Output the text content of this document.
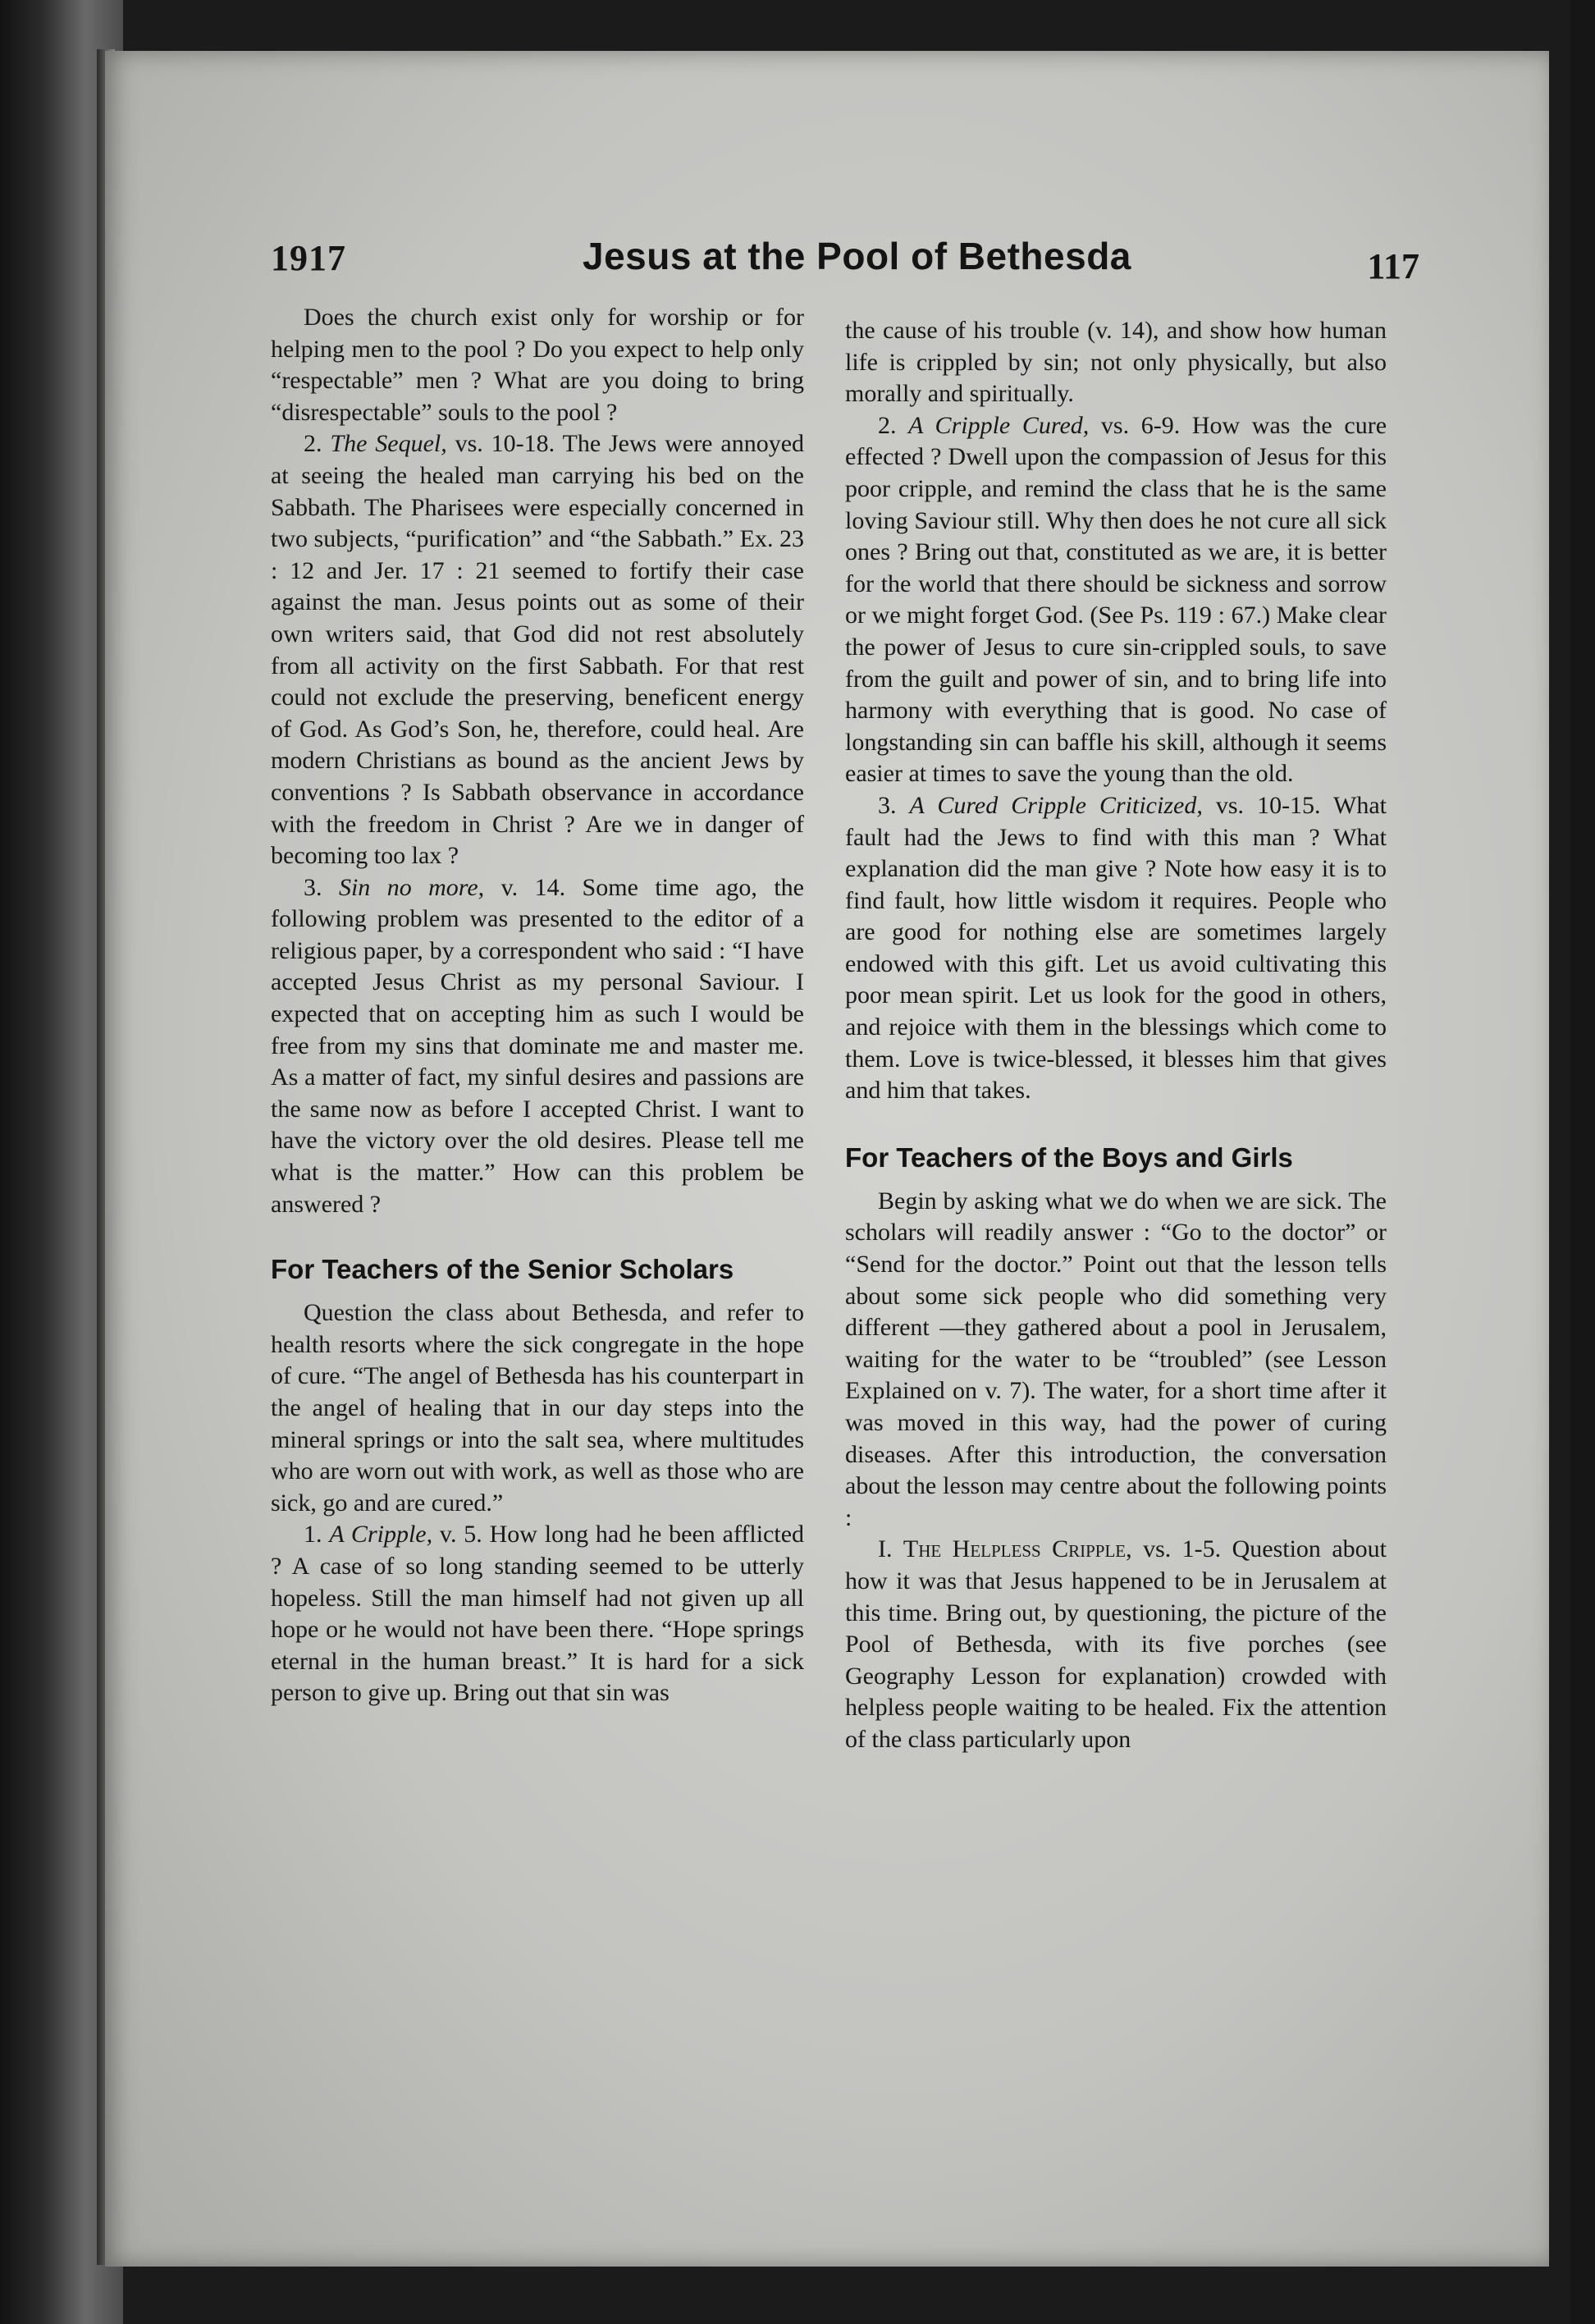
1917	Jesus at the Pool of Bethesda	117

Does the church exist only for worship or for helping men to the pool ? Do you expect to help only “respectable” men ? What are you doing to bring “disrespectable” souls to the pool ?

2. The Sequel, vs. 10-18. The Jews were annoyed at seeing the healed man carrying his bed on the Sabbath. The Pharisees were especially concerned in two subjects, “purification” and “the Sabbath.” Ex. 23 : 12 and Jer. 17 : 21 seemed to fortify their case against the man. Jesus points out as some of their own writers said, that God did not rest absolutely from all activity on the first Sabbath. For that rest could not exclude the preserving, beneficent energy of God. As God’s Son, he, therefore, could heal. Are modern Christians as bound as the ancient Jews by conventions ? Is Sabbath observance in accordance with the freedom in Christ ? Are we in danger of becoming too lax ?

3. Sin no more, v. 14. Some time ago, the following problem was presented to the editor of a religious paper, by a correspondent who said : “I have accepted Jesus Christ as my personal Saviour. I expected that on accepting him as such I would be free from my sins that dominate me and master me. As a matter of fact, my sinful desires and passions are the same now as before I accepted Christ. I want to have the victory over the old desires. Please tell me what is the matter.” How can this problem be answered ?

For Teachers of the Senior Scholars

Question the class about Bethesda, and refer to health resorts where the sick congregate in the hope of cure. “The angel of Bethesda has his counterpart in the angel of healing that in our day steps into the mineral springs or into the salt sea, where multitudes who are worn out with work, as well as those who are sick, go and are cured.”

1. A Cripple, v. 5. How long had he been afflicted ? A case of so long standing seemed to be utterly hopeless. Still the man himself had not given up all hope or he would not have been there. “Hope springs eternal in the human breast.” It is hard for a sick person to give up. Bring out that sin was

the cause of his trouble (v. 14), and show how human life is crippled by sin; not only physically, but also morally and spiritually.

2. A Cripple Cured, vs. 6-9. How was the cure effected ? Dwell upon the compassion of Jesus for this poor cripple, and remind the class that he is the same loving Saviour still. Why then does he not cure all sick ones ? Bring out that, constituted as we are, it is better for the world that there should be sickness and sorrow or we might forget God. (See Ps. 119 : 67.) Make clear the power of Jesus to cure sin-crippled souls, to save from the guilt and power of sin, and to bring life into harmony with everything that is good. No case of longstanding sin can baffle his skill, although it seems easier at times to save the young than the old.

3. A Cured Cripple Criticized, vs. 10-15. What fault had the Jews to find with this man ? What explanation did the man give ? Note how easy it is to find fault, how little wisdom it requires. People who are good for nothing else are sometimes largely endowed with this gift. Let us avoid cultivating this poor mean spirit. Let us look for the good in others, and rejoice with them in the blessings which come to them. Love is twice-blessed, it blesses him that gives and him that takes.

For Teachers of the Boys and Girls

Begin by asking what we do when we are sick. The scholars will readily answer : “Go to the doctor” or “Send for the doctor.” Point out that the lesson tells about some sick people who did something very different —they gathered about a pool in Jerusalem, waiting for the water to be “troubled” (see Lesson Explained on v. 7). The water, for a short time after it was moved in this way, had the power of curing diseases. After this introduction, the conversation about the lesson may centre about the following points :

I. The Helpless Cripple, vs. 1-5. Question about how it was that Jesus happened to be in Jerusalem at this time. Bring out, by questioning, the picture of the Pool of Bethesda, with its five porches (see Geography Lesson for explanation) crowded with helpless people waiting to be healed. Fix the attention of the class particularly upon
